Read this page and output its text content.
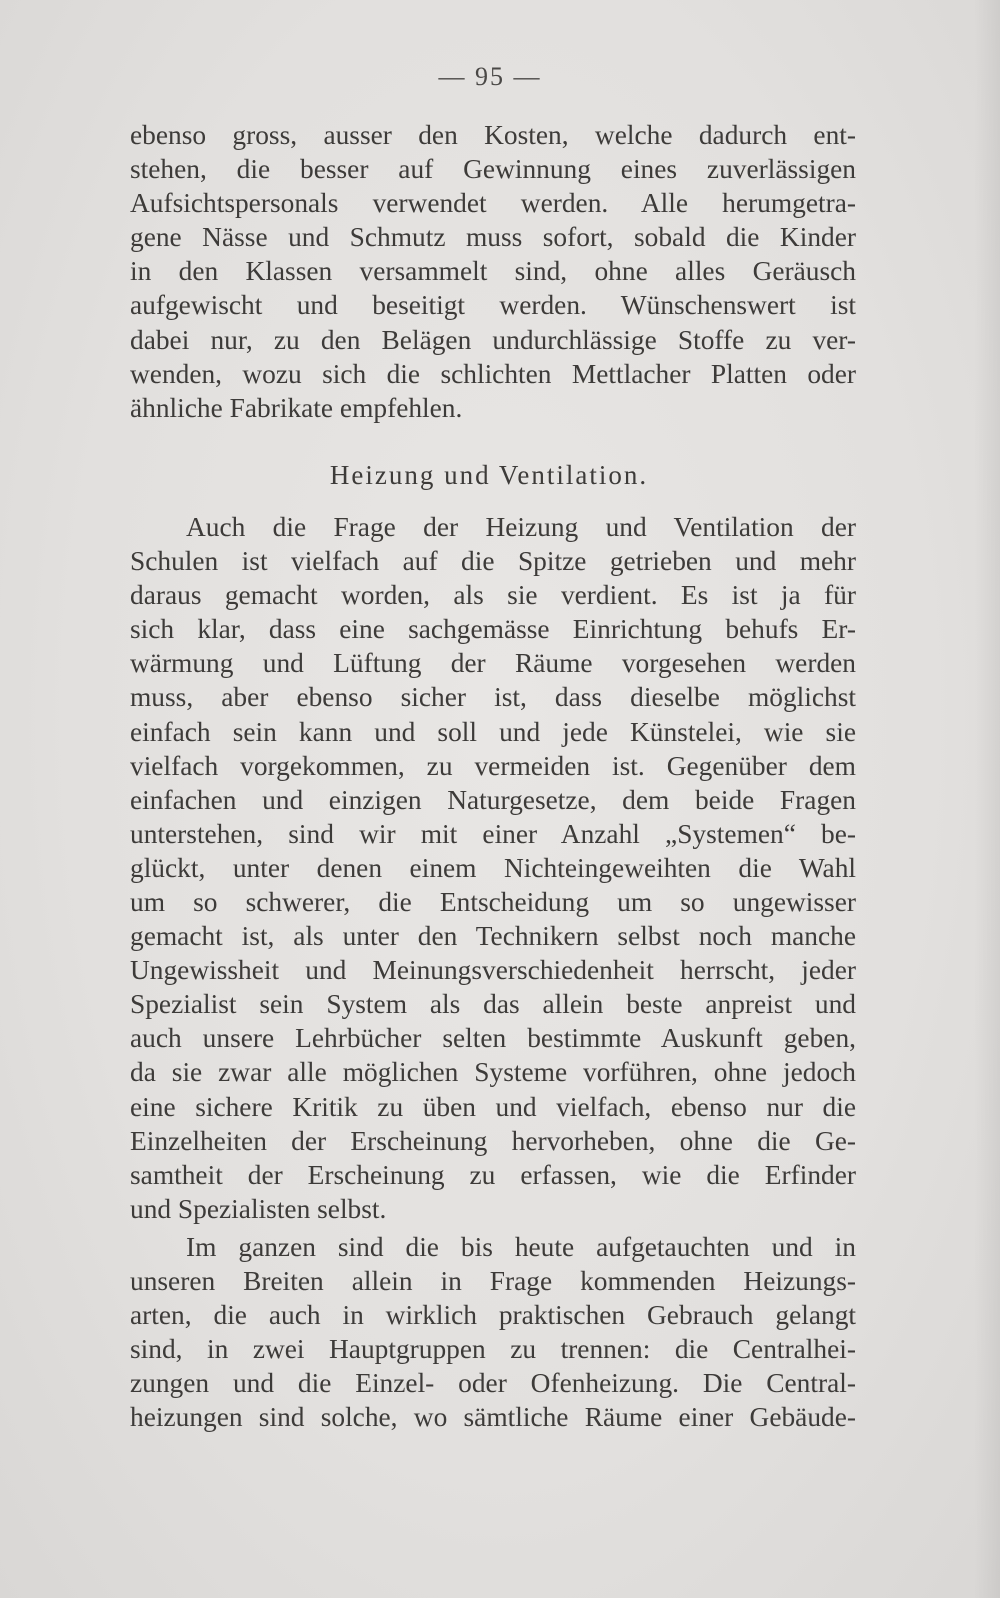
— 95 —
ebenso gross, ausser den Kosten, welche dadurch ent-
stehen, die besser auf Gewinnung eines zuverlässigen
Aufsichtspersonals verwendet werden. Alle herumgetra-
gene Nässe und Schmutz muss sofort, sobald die Kinder
in den Klassen versammelt sind, ohne alles Geräusch
aufgewischt und beseitigt werden. Wünschenswert ist
dabei nur, zu den Belägen undurchlässige Stoffe zu ver-
wenden, wozu sich die schlichten Mettlacher Platten oder
ähnliche Fabrikate empfehlen.
Heizung und Ventilation.
Auch die Frage der Heizung und Ventilation der
Schulen ist vielfach auf die Spitze getrieben und mehr
daraus gemacht worden, als sie verdient. Es ist ja für
sich klar, dass eine sachgemässe Einrichtung behufs Er-
wärmung und Lüftung der Räume vorgesehen werden
muss, aber ebenso sicher ist, dass dieselbe möglichst
einfach sein kann und soll und jede Künstelei, wie sie
vielfach vorgekommen, zu vermeiden ist. Gegenüber dem
einfachen und einzigen Naturgesetze, dem beide Fragen
unterstehen, sind wir mit einer Anzahl „Systemen“ be-
glückt, unter denen einem Nichteingeweihten die Wahl
um so schwerer, die Entscheidung um so ungewisser
gemacht ist, als unter den Technikern selbst noch manche
Ungewissheit und Meinungsverschiedenheit herrscht, jeder
Spezialist sein System als das allein beste anpreist und
auch unsere Lehrbücher selten bestimmte Auskunft geben,
da sie zwar alle möglichen Systeme vorführen, ohne jedoch
eine sichere Kritik zu üben und vielfach, ebenso nur die
Einzelheiten der Erscheinung hervorheben, ohne die Ge-
samtheit der Erscheinung zu erfassen, wie die Erfinder
und Spezialisten selbst.
Im ganzen sind die bis heute aufgetauchten und in
unseren Breiten allein in Frage kommenden Heizungs-
arten, die auch in wirklich praktischen Gebrauch gelangt
sind, in zwei Hauptgruppen zu trennen: die Centralhei-
zungen und die Einzel- oder Ofenheizung. Die Central-
heizungen sind solche, wo sämtliche Räume einer Gebäude-
